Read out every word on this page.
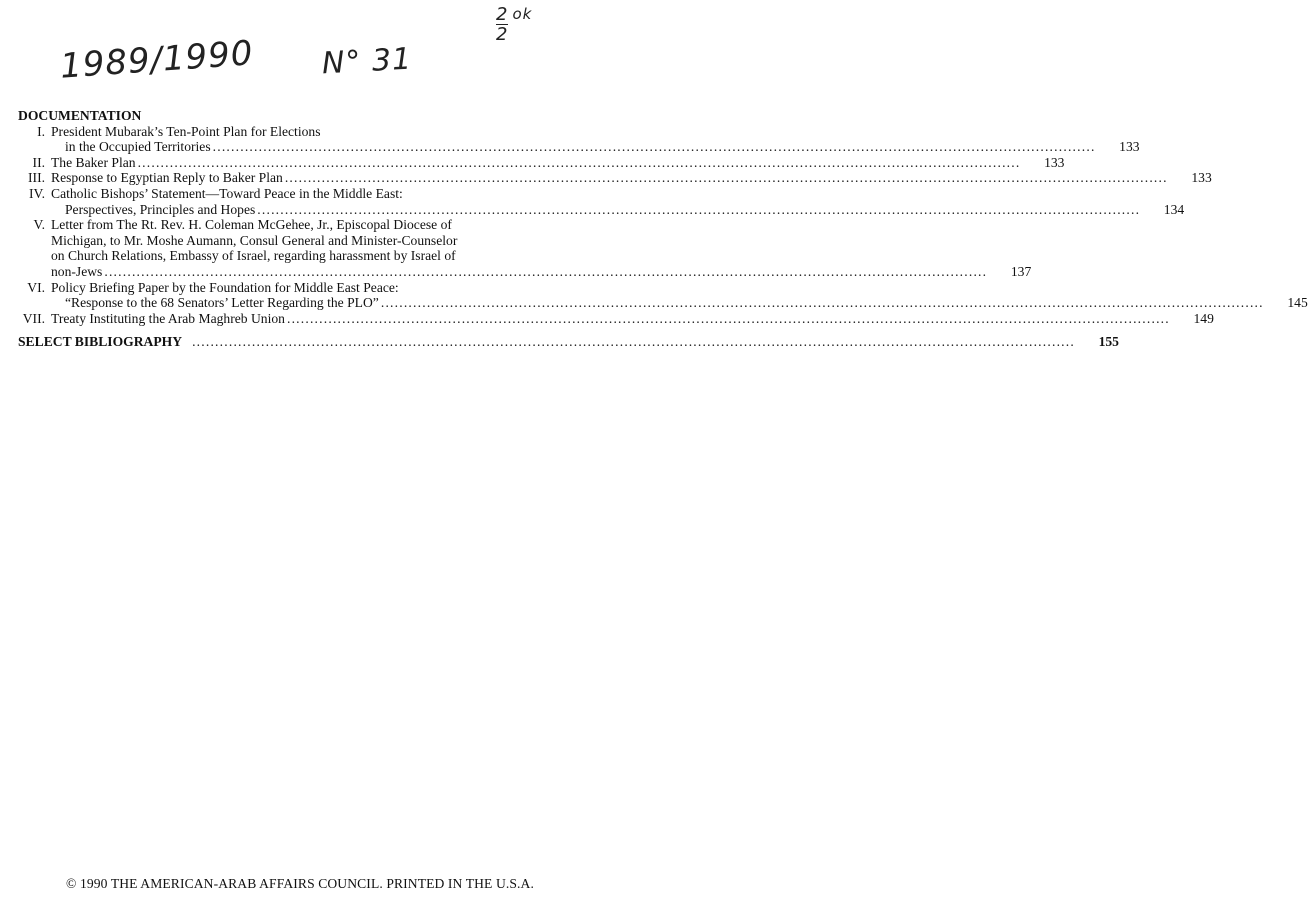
1989/1990 N° 31
$\frac{2}{2} ^{ok}$
DOCUMENTATION
I. President Mubarak’s Ten-Point Plan for Elections
in the Occupied Territories .....	133
II. The Baker Plan .....	133
III. Response to Egyptian Reply to Baker Plan .....	133
IV. Catholic Bishops’ Statement—Toward Peace in the Middle East:
Perspectives, Principles and Hopes .....	134
V. Letter from The Rt. Rev. H. Coleman McGehee, Jr., Episcopal Diocese of
Michigan, to Mr. Moshe Aumann, Consul General and Minister-Counselor
on Church Relations, Embassy of Israel, regarding harassment by Israel of
non-Jews .....	137
VI. Policy Briefing Paper by the Foundation for Middle East Peace:
“Response to the 68 Senators’ Letter Regarding the PLO” .....	145
VII. Treaty Instituting the Arab Maghreb Union .....	149
SELECT BIBLIOGRAPHY .....	155
© 1990 THE AMERICAN-ARAB AFFAIRS COUNCIL. PRINTED IN THE U.S.A.
